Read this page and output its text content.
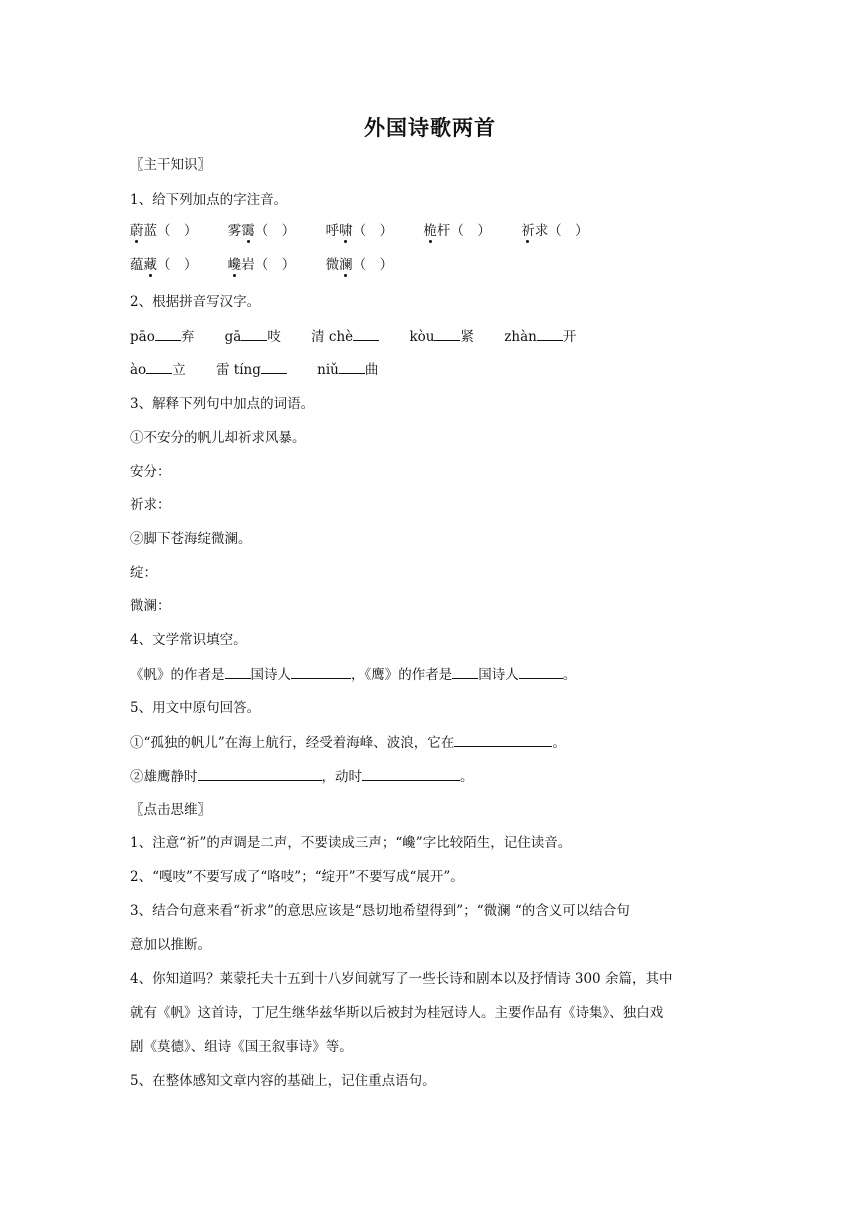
外国诗歌两首
〖主干知识〗
1、给下列加点的字注音。
蔚蓝（　） 雾霭（　） 呼啸（　） 桅杆（　） 祈求（　）
蕴藏（　） 巉岩（　） 微澜（　）
2、根据拼音写汉字。
pāo 弃 gā 吱 清 chè	kòu 紧 zhàn 开
ào 立 雷 tíng	niǔ 曲
3、解释下列句中加点的词语。
①不安分的帆儿却祈求风暴。
安分：
祈求：
②脚下苍海绽微澜。
绽：
微澜：
4、文学常识填空。
《帆》的作者是 国诗人	，《鹰》的作者是 国诗人	。
5、用文中原句回答。
①“孤独的帆儿”在海上航行，经受着海峰、波浪，它在	。
②雄鹰静时	，动时	。
〖点击思维〗
1、注意“祈”的声调是二声，不要读成三声；“巉”字比较陌生，记住读音。
2、“嘎吱”不要写成了“咯吱”；“绽开”不要写成“展开”。
3、结合句意来看“祈求”的意思应该是“恳切地希望得到”；“微澜 “的含义可以结合句
意加以推断。
4、你知道吗？莱蒙托夫十五到十八岁间就写了一些长诗和剧本以及抒情诗 300 余篇，其中
就有《帆》这首诗，丁尼生继华兹华斯以后被封为桂冠诗人。主要作品有《诗集》、独白戏
剧《莫德》、组诗《国王叙事诗》等。
5、在整体感知文章内容的基础上，记住重点语句。
